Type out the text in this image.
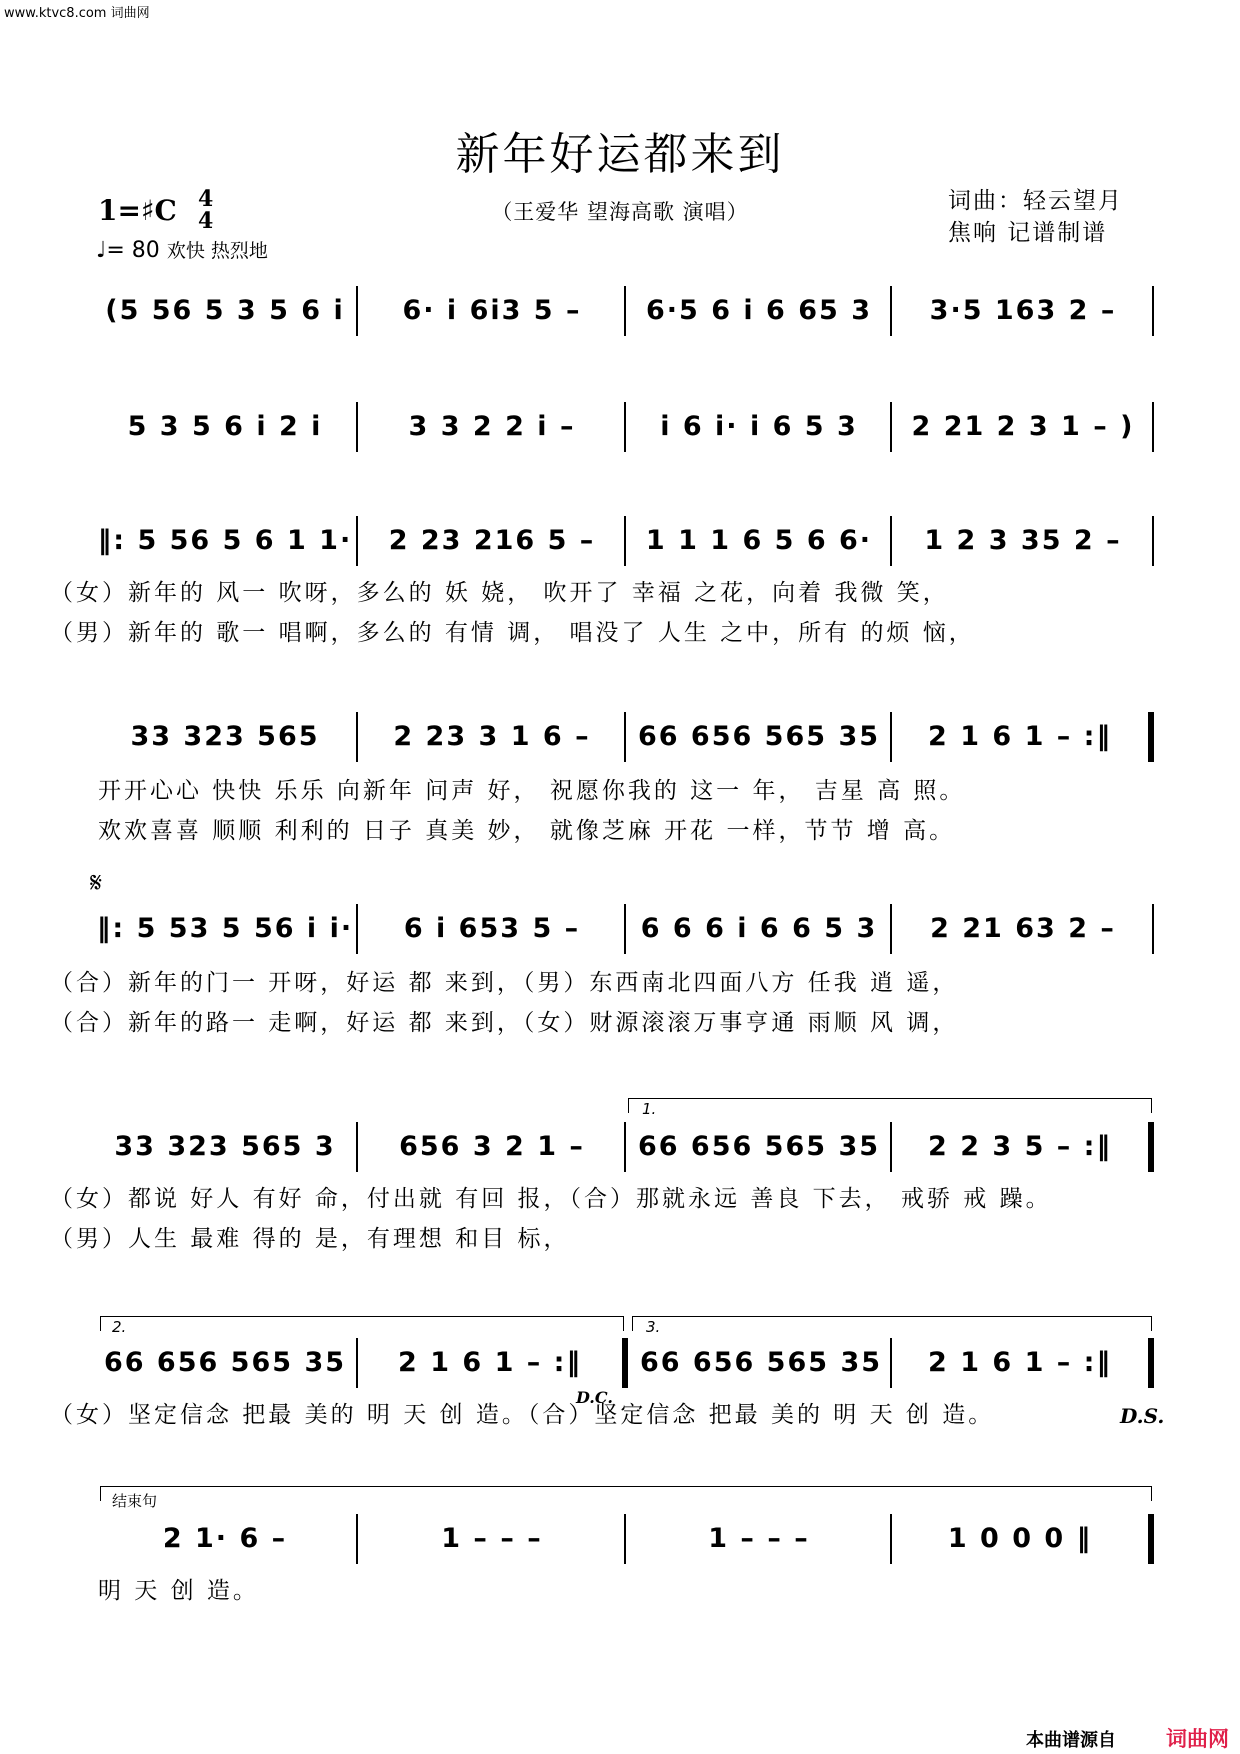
www.ktvc8.com 词曲网
新年好运都来到
1=♯C 4
4
♩= 80 欢快 热烈地
（王爱华 望海高歌 演唱）	词曲：轻云望月
焦响 记谱制谱
(5 56 5 3 5 6 i	6· i 6i3 5 –	6·5 6 i 6 65 3	3·5 163 2 –
5 3 5 6 i 2 i	3 3 2 2 i –	i 6 i· i 6 5 3	2 21 2 3 1 – )
‖: 5 56 5 6 1 1·	2 23 216 5 –	1 1 1 6 5 6 6·	1 2 3 35 2 –
（女）新年的 风一 吹呀，多么的 妖 娆， 吹开了 幸福 之花，向着 我微 笑，
（男）新年的 歌一 唱啊，多么的 有情 调， 唱没了 人生 之中，所有 的烦 恼，
33 323 565	2 23 3 1 6 –	66 656 565 35	2 1 6 1 – :‖
开开心心 快快 乐乐 向新年 问声 好， 祝愿你我的 这一 年， 吉星 高 照。
欢欢喜喜 顺顺 利利的 日子 真美 妙， 就像芝麻 开花 一样，节节 增 高。
𝄋
‖: 5 53 5 56 i i·	6 i 653 5 –	6 6 6 i 6 6 5 3	2 21 63 2 –
（合）新年的门一 开呀，好运 都 来到，（男）东西南北四面八方 任我 逍 遥，
（合）新年的路一 走啊，好运 都 来到，（女）财源滚滚万事亨通 雨顺 风 调，
1.
33 323 565 3	656 3 2 1 –	66 656 565 35	2 2 3 5 – :‖
（女）都说 好人 有好 命，付出就 有回 报，（合）那就永远 善良 下去， 戒骄 戒 躁。
（男）人生 最难 得的 是，有理想 和目 标，
2.	3.
66 656 565 35	2 1 6 1 – :‖	66 656 565 35	2 1 6 1 – :‖
（女）坚定信念 把最 美的 明 天 创 造。（合）坚定信念 把最 美的 明 天 创 造。
D.C.
D.S.
结束句
2 1· 6 –	1 – – –	1 – – –	1 0 0 0 ‖
明 天 创 造。
本曲谱源自 词曲网
